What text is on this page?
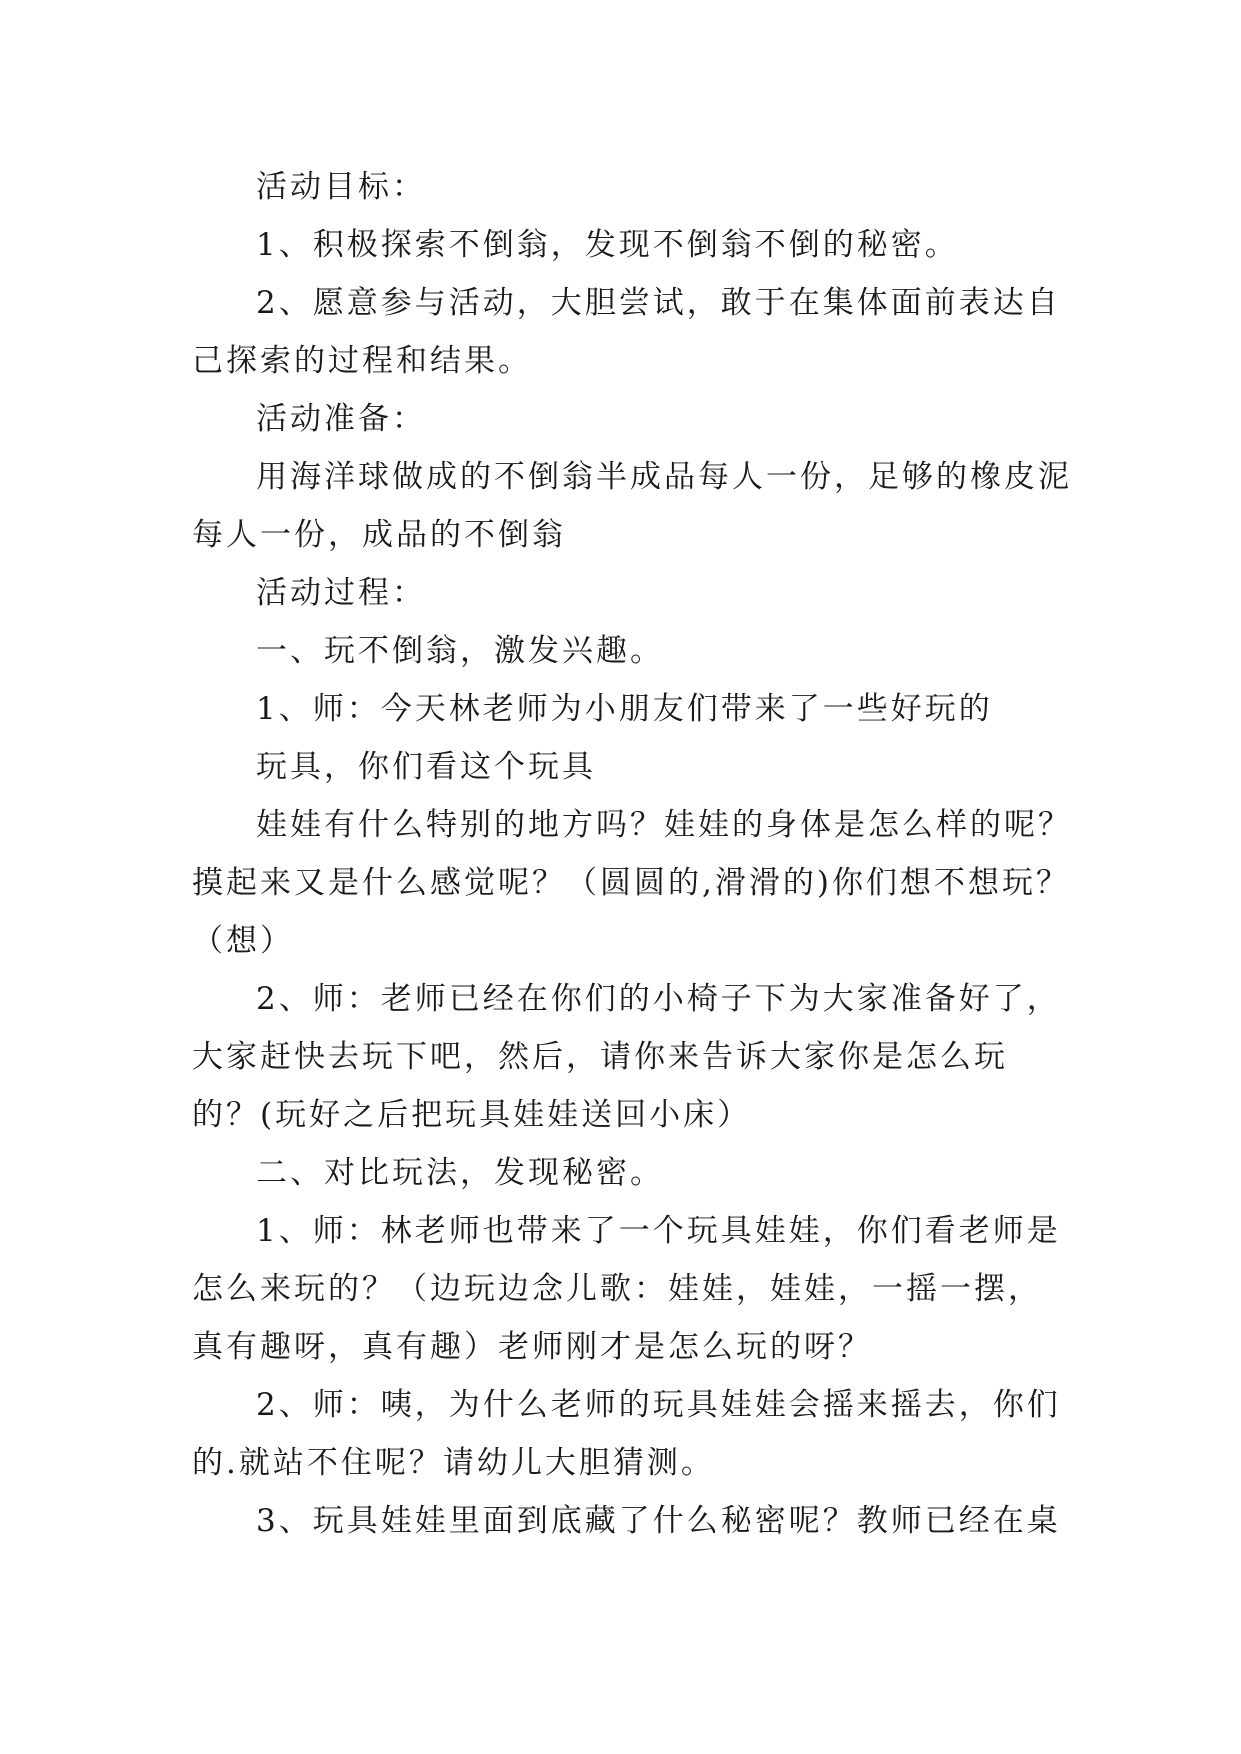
活动目标：

1、积极探索不倒翁，发现不倒翁不倒的秘密。

2、愿意参与活动，大胆尝试，敢于在集体面前表达自己探索的过程和结果。

活动准备：

用海洋球做成的不倒翁半成品每人一份，足够的橡皮泥每人一份，成品的不倒翁

活动过程：

一、玩不倒翁，激发兴趣。

1、师：今天林老师为小朋友们带来了一些好玩的

玩具，你们看这个玩具

娃娃有什么特别的地方吗？娃娃的身体是怎么样的呢？摸起来又是什么感觉呢？（圆圆的,滑滑的)你们想不想玩？（想）

2、师：老师已经在你们的小椅子下为大家准备好了，大家赶快去玩下吧，然后，请你来告诉大家你是怎么玩的？(玩好之后把玩具娃娃送回小床）

二、对比玩法，发现秘密。

1、师：林老师也带来了一个玩具娃娃，你们看老师是怎么来玩的？（边玩边念儿歌：娃娃，娃娃，一摇一摆，真有趣呀，真有趣）老师刚才是怎么玩的呀？

2、师：咦，为什么老师的玩具娃娃会摇来摇去，你们的.就站不住呢？请幼儿大胆猜测。

3、玩具娃娃里面到底藏了什么秘密呢？教师已经在桌
